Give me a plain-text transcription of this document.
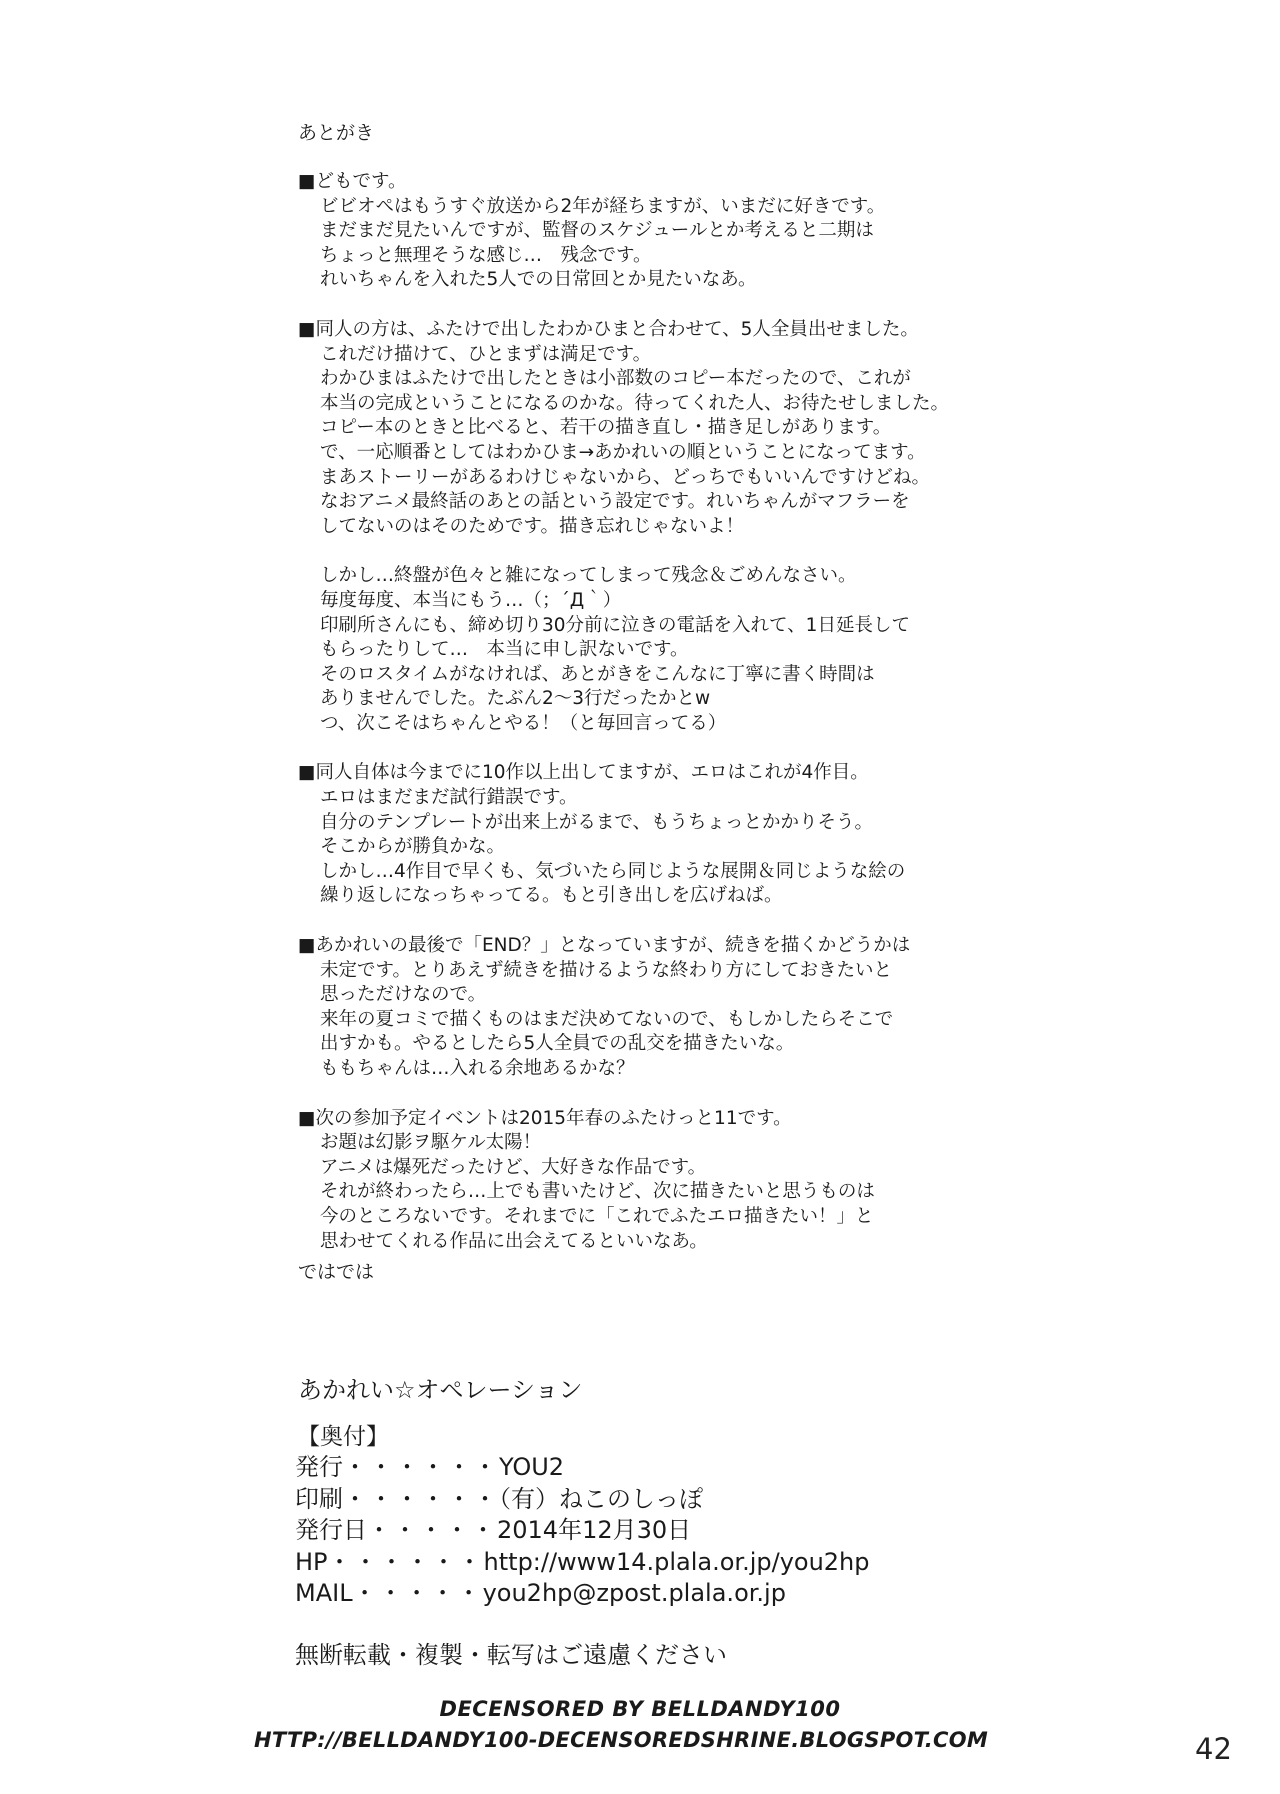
あとがき
■どもです。
ビビオペはもうすぐ放送から2年が経ちますが、いまだに好きです。
まだまだ見たいんですが、監督のスケジュールとか考えると二期は
ちょっと無理そうな感じ…　残念です。
れいちゃんを入れた5人での日常回とか見たいなあ。
■同人の方は、ふたけで出したわかひまと合わせて、5人全員出せました。
これだけ描けて、ひとまずは満足です。
わかひまはふたけで出したときは小部数のコピー本だったので、これが
本当の完成ということになるのかな。待ってくれた人、お待たせしました。
コピー本のときと比べると、若干の描き直し・描き足しがあります。
で、一応順番としてはわかひま→あかれいの順ということになってます。
まあストーリーがあるわけじゃないから、どっちでもいいんですけどね。
なおアニメ最終話のあとの話という設定です。れいちゃんがマフラーを
してないのはそのためです。描き忘れじゃないよ！
しかし…終盤が色々と雑になってしまって残念＆ごめんなさい。
毎度毎度、本当にもう…（；´Д｀）
印刷所さんにも、締め切り30分前に泣きの電話を入れて、1日延長して
もらったりして…　本当に申し訳ないです。
そのロスタイムがなければ、あとがきをこんなに丁寧に書く時間は
ありませんでした。たぶん2～3行だったかとw
つ、次こそはちゃんとやる！（と毎回言ってる）
■同人自体は今までに10作以上出してますが、エロはこれが4作目。
エロはまだまだ試行錯誤です。
自分のテンプレートが出来上がるまで、もうちょっとかかりそう。
そこからが勝負かな。
しかし…4作目で早くも、気づいたら同じような展開＆同じような絵の
繰り返しになっちゃってる。もと引き出しを広げねば。
■あかれいの最後で「END？」となっていますが、続きを描くかどうかは
未定です。とりあえず続きを描けるような終わり方にしておきたいと
思っただけなので。
来年の夏コミで描くものはまだ決めてないので、もしかしたらそこで
出すかも。やるとしたら5人全員での乱交を描きたいな。
ももちゃんは…入れる余地あるかな？
■次の参加予定イベントは2015年春のふたけっと11です。
お題は幻影ヲ駆ケル太陽！
アニメは爆死だったけど、大好きな作品です。
それが終わったら…上でも書いたけど、次に描きたいと思うものは
今のところないです。それまでに「これでふたエロ描きたい！」と
思わせてくれる作品に出会えてるといいなあ。
ではでは
あかれい☆オペレーション
【奥付】
発行・・・・・・YOU2
印刷・・・・・・（有）ねこのしっぽ
発行日・・・・・2014年12月30日
HP・・・・・・http://www14.plala.or.jp/you2hp
MAIL・・・・・you2hp@zpost.plala.or.jp
無断転載・複製・転写はご遠慮ください
DECENSORED BY BELLDANDY100
HTTP://BELLDANDY100-DECENSOREDSHRINE.BLOGSPOT.COM	42
